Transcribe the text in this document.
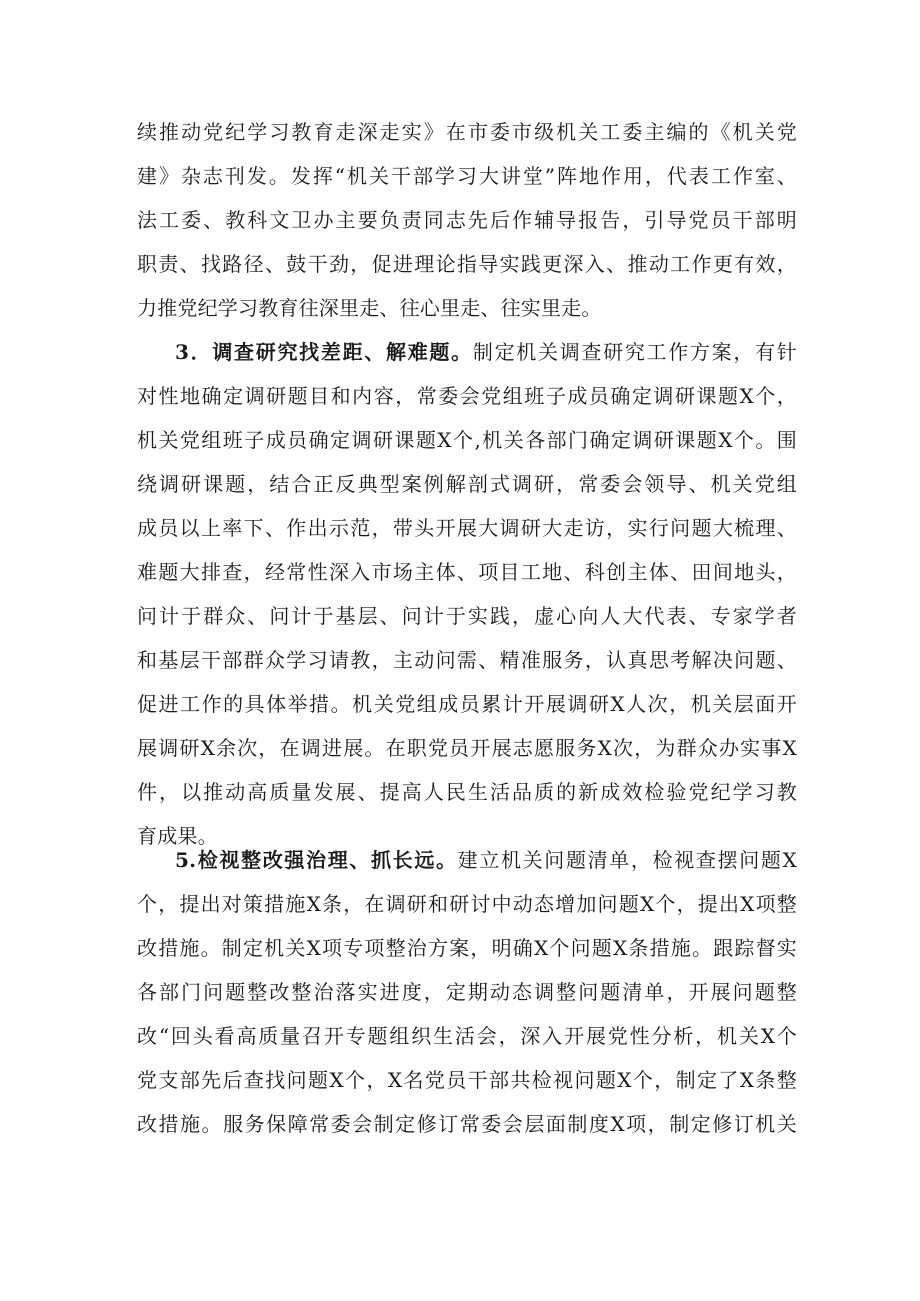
续推动党纪学习教育走深走实》在市委市级机关工委主编的《机关党
建》杂志刊发。发挥“机关干部学习大讲堂”阵地作用，代表工作室、
法工委、教科文卫办主要负责同志先后作辅导报告，引导党员干部明
职责、找路径、鼓干劲，促进理论指导实践更深入、推动工作更有效，
力推党纪学习教育往深里走、往心里走、往实里走。
3．调查研究找差距、解难题。制定机关调查研究工作方案，有针
对性地确定调研题目和内容，常委会党组班子成员确定调研课题X个，
机关党组班子成员确定调研课题X个,机关各部门确定调研课题X个。围
绕调研课题，结合正反典型案例解剖式调研，常委会领导、机关党组
成员以上率下、作出示范，带头开展大调研大走访，实行问题大梳理、
难题大排查，经常性深入市场主体、项目工地、科创主体、田间地头，
问计于群众、问计于基层、问计于实践，虚心向人大代表、专家学者
和基层干部群众学习请教，主动问需、精准服务，认真思考解决问题、
促进工作的具体举措。机关党组成员累计开展调研X人次，机关层面开
展调研X余次，在调进展。在职党员开展志愿服务X次，为群众办实事X
件，以推动高质量发展、提高人民生活品质的新成效检验党纪学习教
育成果。
5.检视整改强治理、抓长远。建立机关问题清单，检视查摆问题X
个，提出对策措施X条，在调研和研讨中动态增加问题X个，提出X项整
改措施。制定机关X项专项整治方案，明确X个问题X条措施。跟踪督实
各部门问题整改整治落实进度，定期动态调整问题清单，开展问题整
改“回头看高质量召开专题组织生活会，深入开展党性分析，机关X个
党支部先后查找问题X个，X名党员干部共检视问题X个，制定了X条整
改措施。服务保障常委会制定修订常委会层面制度X项，制定修订机关
